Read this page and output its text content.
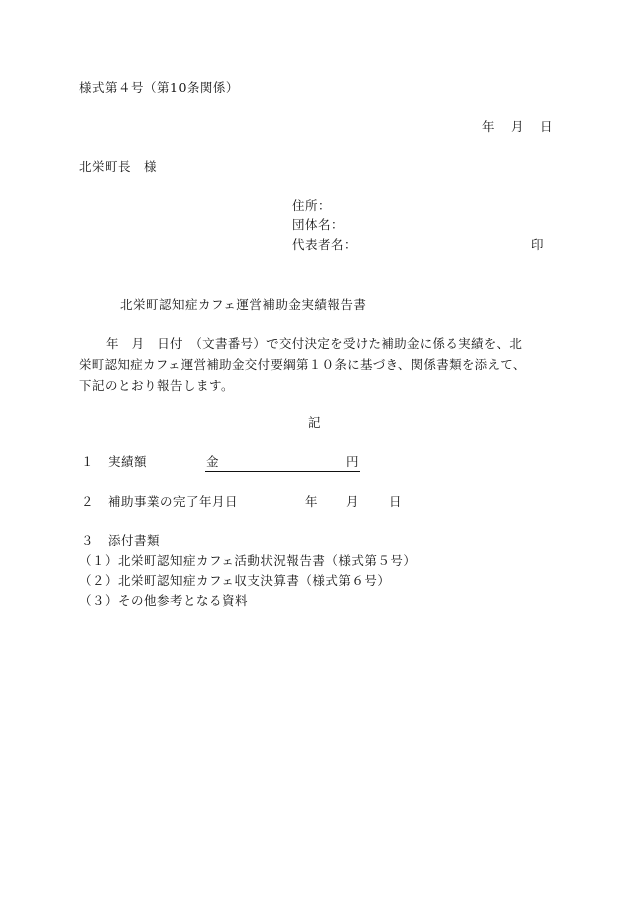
様式第４号（第10条関係）
年 月 日
北栄町長　様
住所：
団体名：
代表者名：	印
北栄町認知症カフェ運営補助金実績報告書
年　月　日付　（文書番号）で交付決定を受けた補助金に係る実績を、北
栄町認知症カフェ運営補助金交付要綱第１０条に基づき、関係書類を添えて、
下記のとおり報告します。
記
１ 実績額	金	円
２ 補助事業の完了年月日	年 月 日
３ 添付書類
（１）北栄町認知症カフェ活動状況報告書（様式第５号）
（２）北栄町認知症カフェ収支決算書（様式第６号）
（３）その他参考となる資料
